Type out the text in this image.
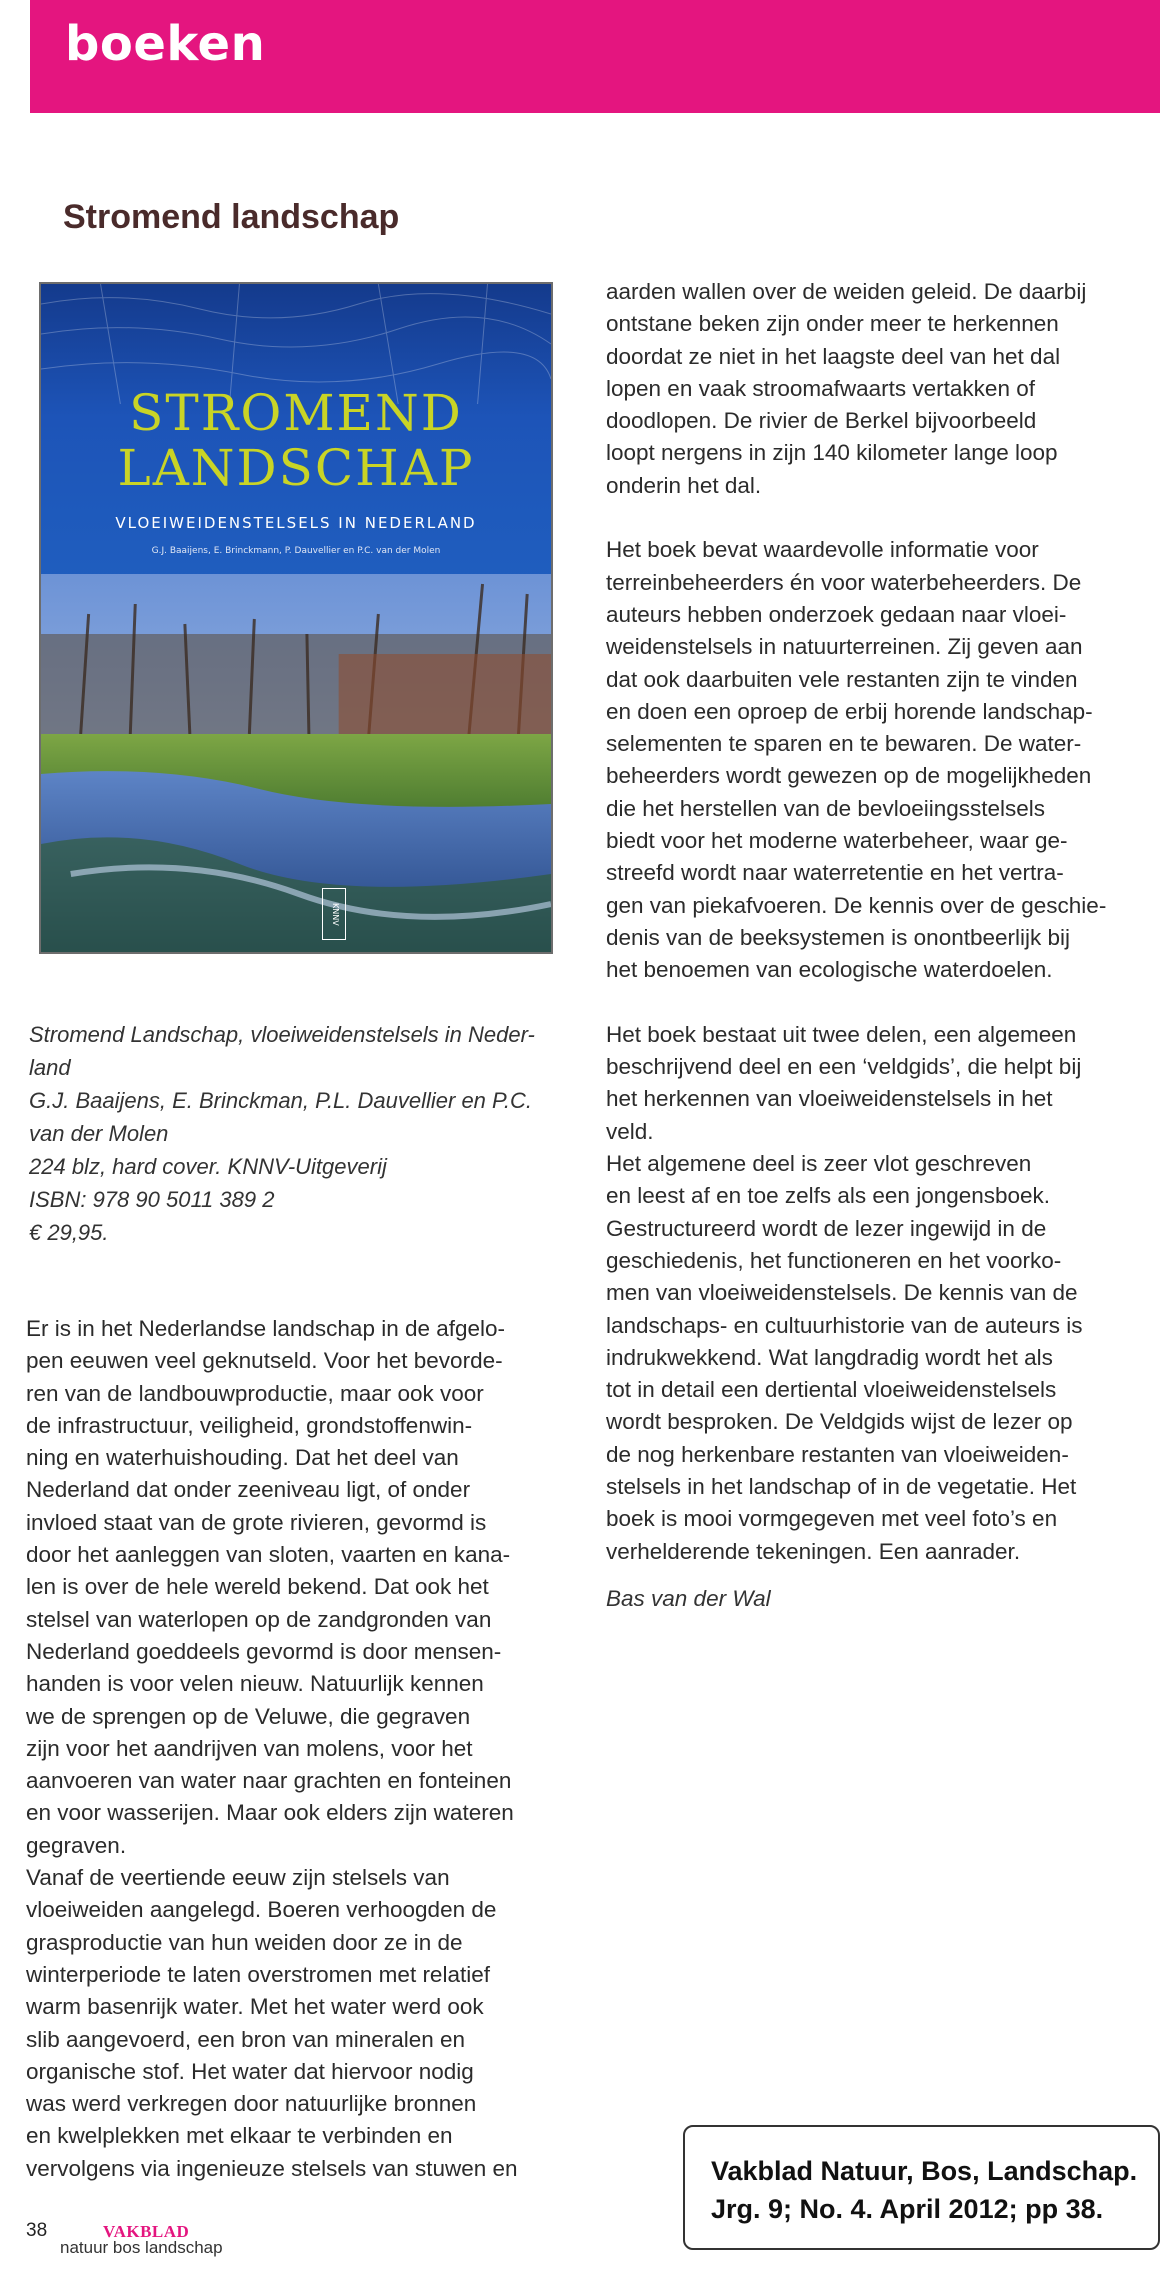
boeken
Stromend landschap
STROMEND
LANDSCHAP
VLOEIWEIDENSTELSELS IN NEDERLAND
G.J. Baaijens, E. Brinckmann, P. Dauvellier en P.C. van der Molen
KNNV
Stromend Landschap, vloeiweidenstelsels in Neder-
land
G.J. Baaijens, E. Brinckman, P.L. Dauvellier en P.C.
van der Molen
224 blz, hard cover. KNNV-Uitgeverij
ISBN: 978 90 5011 389 2
€ 29,95.
Er is in het Nederlandse landschap in de afgelo-
pen eeuwen veel geknutseld. Voor het bevorde-
ren van de landbouwproductie, maar ook voor
de infrastructuur, veiligheid, grondstoffenwin-
ning en waterhuishouding. Dat het deel van
Nederland dat onder zeeniveau ligt, of onder
invloed staat van de grote rivieren, gevormd is
door het aanleggen van sloten, vaarten en kana-
len is over de hele wereld bekend. Dat ook het
stelsel van waterlopen op de zandgronden van
Nederland goeddeels gevormd is door mensen-
handen is voor velen nieuw. Natuurlijk kennen
we de sprengen op de Veluwe, die gegraven
zijn voor het aandrijven van molens, voor het
aanvoeren van water naar grachten en fonteinen
en voor wasserijen. Maar ook elders zijn wateren
gegraven.
Vanaf de veertiende eeuw zijn stelsels van
vloeiweiden aangelegd. Boeren verhoogden de
grasproductie van hun weiden door ze in de
winterperiode te laten overstromen met relatief
warm basenrijk water. Met het water werd ook
slib aangevoerd, een bron van mineralen en
organische stof. Het water dat hiervoor nodig
was werd verkregen door natuurlijke bronnen
en kwelplekken met elkaar te verbinden en
vervolgens via ingenieuze stelsels van stuwen en
aarden wallen over de weiden geleid. De daarbij
ontstane beken zijn onder meer te herkennen
doordat ze niet in het laagste deel van het dal
lopen en vaak stroomafwaarts vertakken of
doodlopen. De rivier de Berkel bijvoorbeeld
loopt nergens in zijn 140 kilometer lange loop
onderin het dal.
Het boek bevat waardevolle informatie voor
terreinbeheerders én voor waterbeheerders. De
auteurs hebben onderzoek gedaan naar vloei-
weidenstelsels in natuurterreinen. Zij geven aan
dat ook daarbuiten vele restanten zijn te vinden
en doen een oproep de erbij horende landschap-
selementen te sparen en te bewaren. De water-
beheerders wordt gewezen op de mogelijkheden
die het herstellen van de bevloeiingsstelsels
biedt voor het moderne waterbeheer, waar ge-
streefd wordt naar waterretentie en het vertra-
gen van piekafvoeren. De kennis over de geschie-
denis van de beeksystemen is onontbeerlijk bij
het benoemen van ecologische waterdoelen.
Het boek bestaat uit twee delen, een algemeen
beschrijvend deel en een ‘veldgids’, die helpt bij
het herkennen van vloeiweidenstelsels in het
veld.
Het algemene deel is zeer vlot geschreven
en leest af en toe zelfs als een jongensboek.
Gestructureerd wordt de lezer ingewijd in de
geschiedenis, het functioneren en het voorko-
men van vloeiweidenstelsels. De kennis van de
landschaps- en cultuurhistorie van de auteurs is
indrukwekkend. Wat langdradig wordt het als
tot in detail een dertiental vloeiweidenstelsels
wordt besproken. De Veldgids wijst de lezer op
de nog herkenbare restanten van vloeiweiden-
stelsels in het landschap of in de vegetatie. Het
boek is mooi vormgegeven met veel foto’s en
verhelderende tekeningen. Een aanrader.
Bas van der Wal
38	VAKBLAD
natuur bos landschap
Vakblad Natuur, Bos, Landschap.
Jrg. 9; No. 4. April 2012; pp 38.
